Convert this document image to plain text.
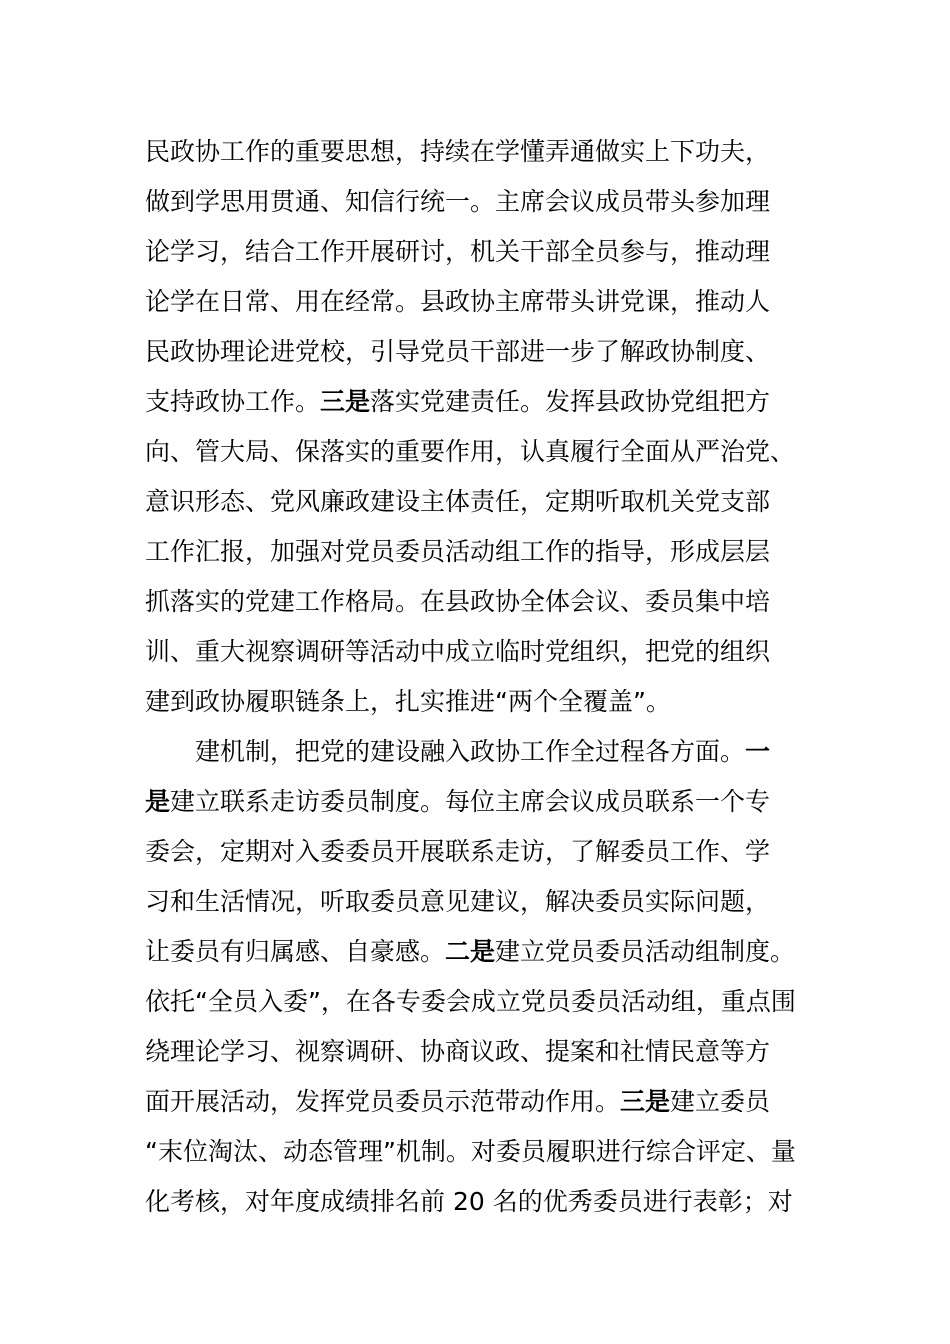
民政协工作的重要思想，持续在学懂弄通做实上下功夫，
做到学思用贯通、知信行统一。主席会议成员带头参加理
论学习，结合工作开展研讨，机关干部全员参与，推动理
论学在日常、用在经常。县政协主席带头讲党课，推动人
民政协理论进党校，引导党员干部进一步了解政协制度、
支持政协工作。三是落实党建责任。发挥县政协党组把方
向、管大局、保落实的重要作用，认真履行全面从严治党、
意识形态、党风廉政建设主体责任，定期听取机关党支部
工作汇报，加强对党员委员活动组工作的指导，形成层层
抓落实的党建工作格局。在县政协全体会议、委员集中培
训、重大视察调研等活动中成立临时党组织，把党的组织
建到政协履职链条上，扎实推进“两个全覆盖”。
建机制，把党的建设融入政协工作全过程各方面。一
是建立联系走访委员制度。每位主席会议成员联系一个专
委会，定期对入委委员开展联系走访，了解委员工作、学
习和生活情况，听取委员意见建议，解决委员实际问题，
让委员有归属感、自豪感。二是建立党员委员活动组制度。
依托“全员入委”，在各专委会成立党员委员活动组，重点围
绕理论学习、视察调研、协商议政、提案和社情民意等方
面开展活动，发挥党员委员示范带动作用。三是建立委员
“末位淘汰、动态管理”机制。对委员履职进行综合评定、量
化考核，对年度成绩排名前 20 名的优秀委员进行表彰；对
